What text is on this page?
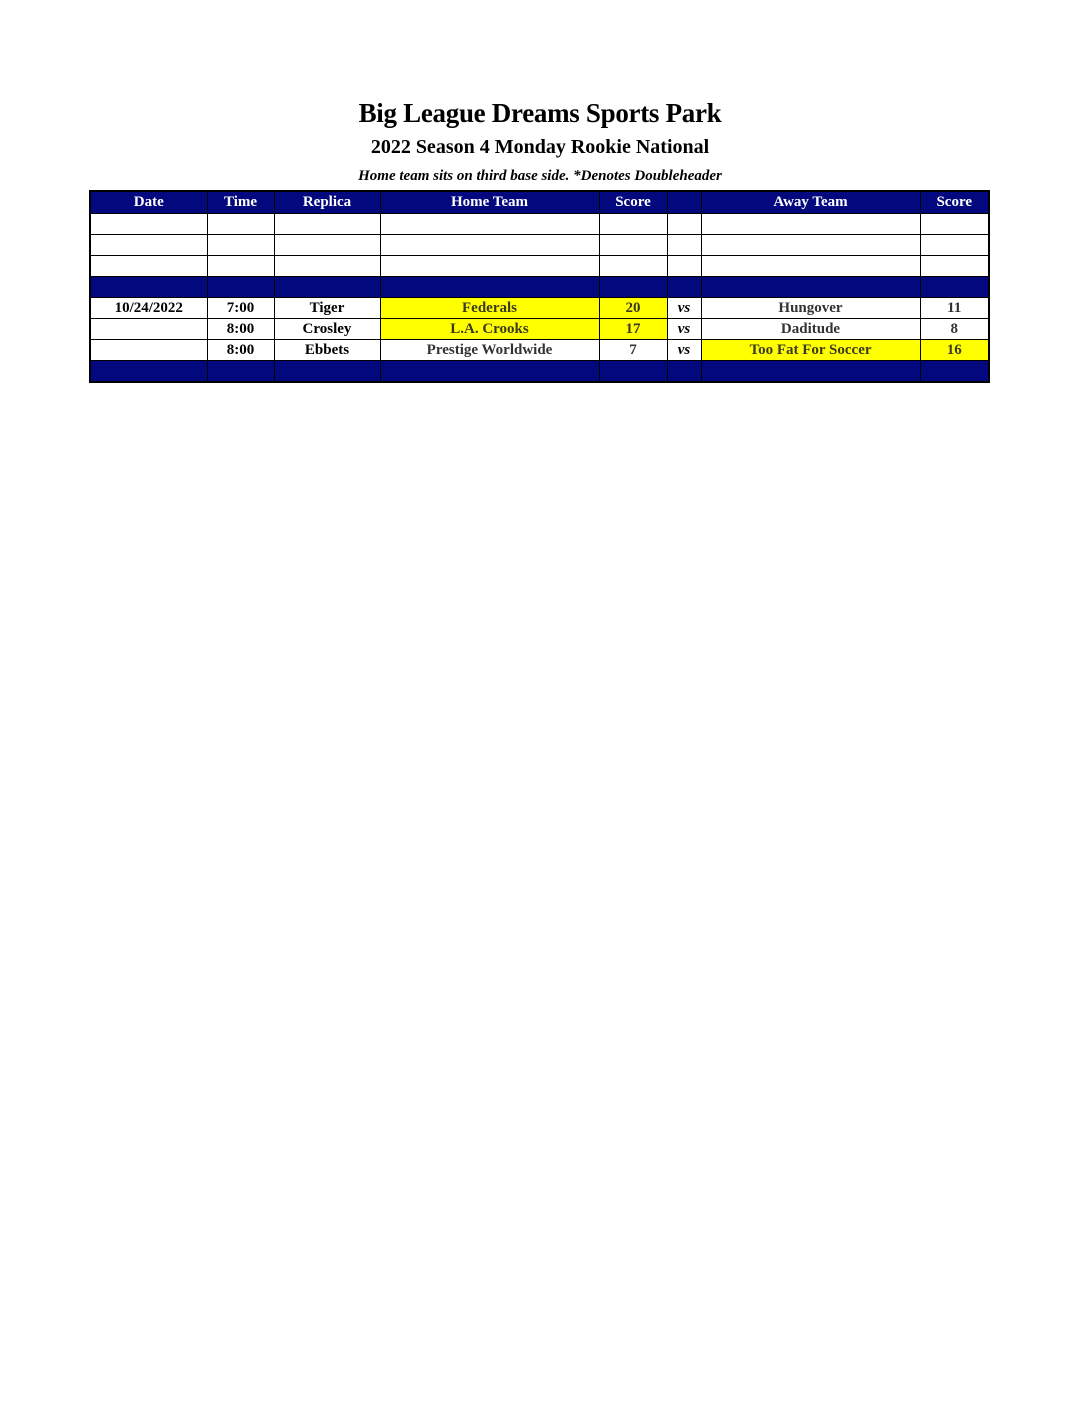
Big League Dreams Sports Park
2022 Season 4 Monday Rookie National
Home team sits on third base side. *Denotes Doubleheader
Date	Time	Replica	Home Team	Score		Away Team	Score

10/24/2022	7:00	Tiger	Federals	20	vs	Hungover	11
	8:00	Crosley	L.A. Crooks	17	vs	Daditude	8
	8:00	Ebbets	Prestige Worldwide	7	vs	Too Fat For Soccer	16
